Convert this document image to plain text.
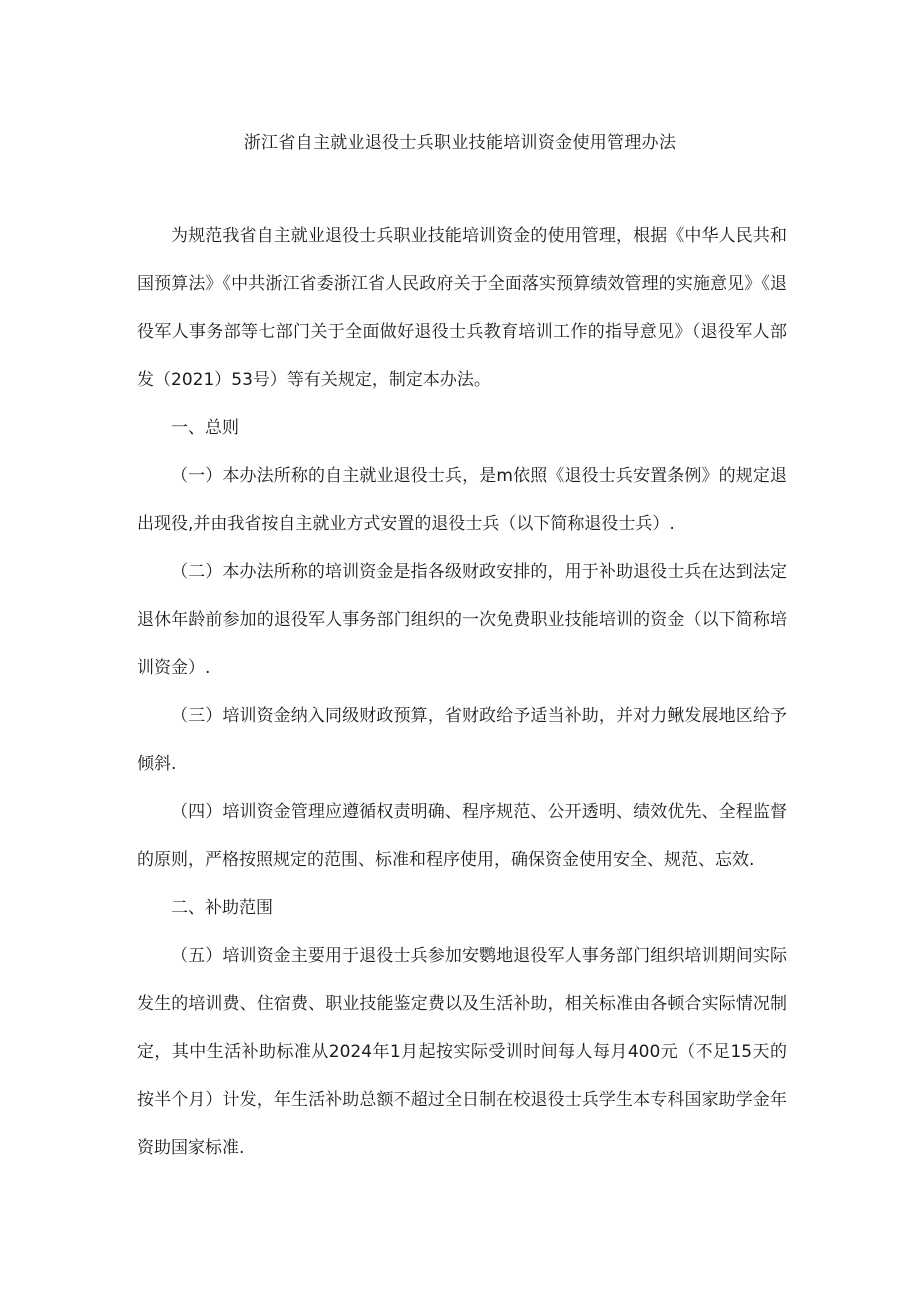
浙江省自主就业退役士兵职业技能培训资金使用管理办法

为规范我省自主就业退役士兵职业技能培训资金的使用管理，根据《中华人民共和国预算法》《中共浙江省委浙江省人民政府关于全面落实预算绩效管理的实施意见》《退役军人事务部等七部门关于全面做好退役士兵教育培训工作的指导意见》（退役军人部发（2021）53号）等有关规定，制定本办法。

一、总则

（一）本办法所称的自主就业退役士兵，是m依照《退役士兵安置条例》的规定退出现役,并由我省按自主就业方式安置的退役士兵（以下简称退役士兵）.

（二）本办法所称的培训资金是指各级财政安排的，用于补助退役士兵在达到法定退休年龄前参加的退役军人事务部门组织的一次免费职业技能培训的资金（以下简称培训资金）.

（三）培训资金纳入同级财政预算，省财政给予适当补助，并对力鳅发展地区给予倾斜.

（四）培训资金管理应遵循权责明确、程序规范、公开透明、绩效优先、全程监督的原则，严格按照规定的范围、标准和程序使用，确保资金使用安全、规范、忘效.

二、补助范围

（五）培训资金主要用于退役士兵参加安鹦地退役军人事务部门组织培训期间实际发生的培训费、住宿费、职业技能鉴定费以及生活补助，相关标准由各顿合实际情况制定，其中生活补助标准从2024年1月起按实际受训时间每人每月400元（不足15天的按半个月）计发，年生活补助总额不超过全日制在校退役士兵学生本专科国家助学金年资助国家标准.
